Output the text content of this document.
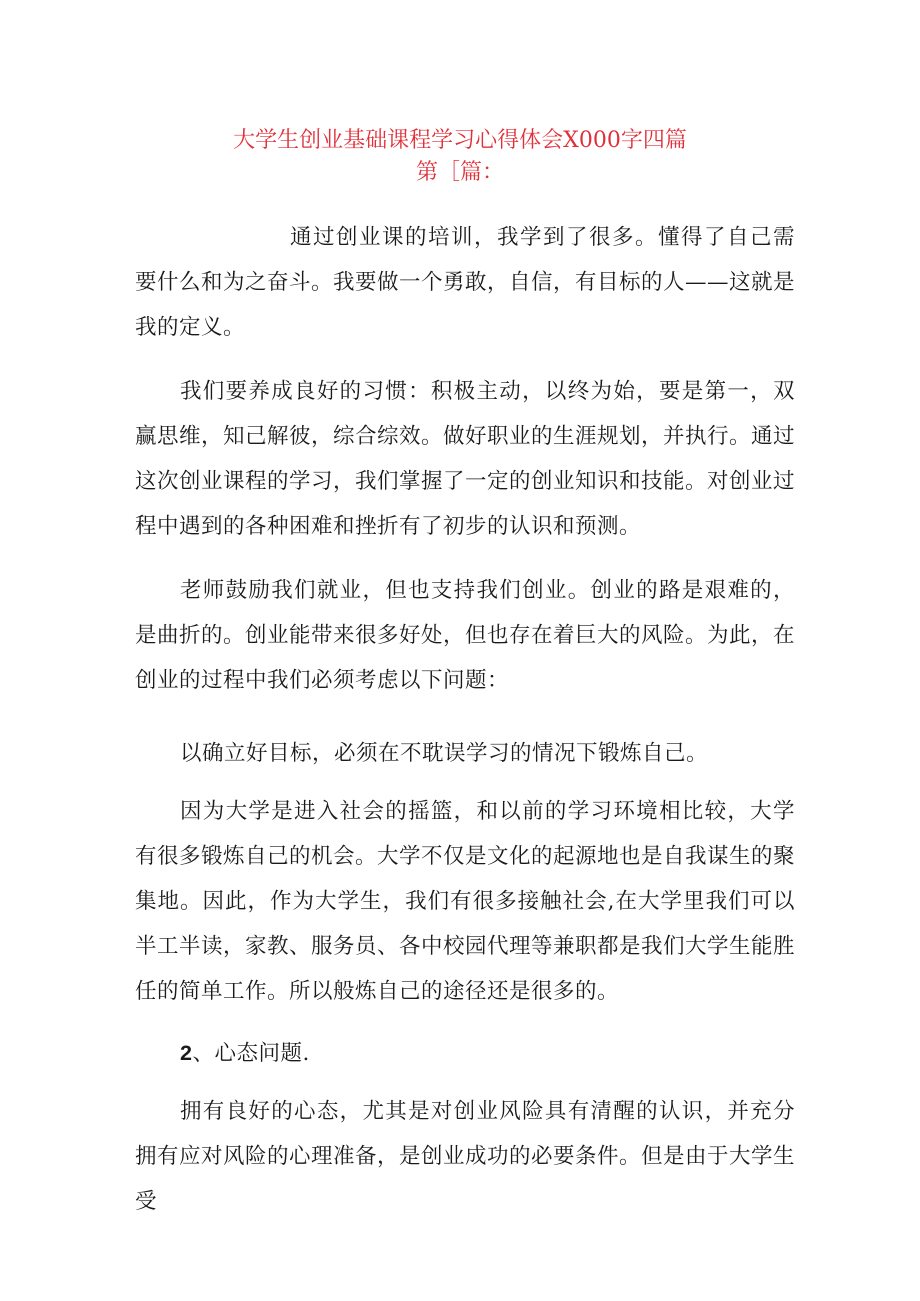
大学生创业基础课程学习心得体会X000字四篇
第［篇：
通过创业课的培训，我学到了很多。懂得了自己需要什么和为之奋斗。我要做一个勇敢，自信，有目标的人——这就是我的定义。
我们要养成良好的习惯：积极主动，以终为始，要是第一，双赢思维，知己解彼，综合综效。做好职业的生涯规划，并执行。通过这次创业课程的学习，我们掌握了一定的创业知识和技能。对创业过程中遇到的各种困难和挫折有了初步的认识和预测。
老师鼓励我们就业，但也支持我们创业。创业的路是艰难的，是曲折的。创业能带来很多好处，但也存在着巨大的风险。为此，在创业的过程中我们必须考虑以下问题：
以确立好目标，必须在不耽误学习的情况下锻炼自己。
因为大学是进入社会的摇篮，和以前的学习环境相比较，大学有很多锻炼自己的机会。大学不仅是文化的起源地也是自我谋生的聚集地。因此，作为大学生，我们有很多接触社会,在大学里我们可以半工半读，家教、服务员、各中校园代理等兼职都是我们大学生能胜任的简单工作。所以般炼自己的途径还是很多的。
2、心态问题.
拥有良好的心态，尤其是对创业风险具有清醒的认识，并充分拥有应对风险的心理准备，是创业成功的必要条件。但是由于大学生受
